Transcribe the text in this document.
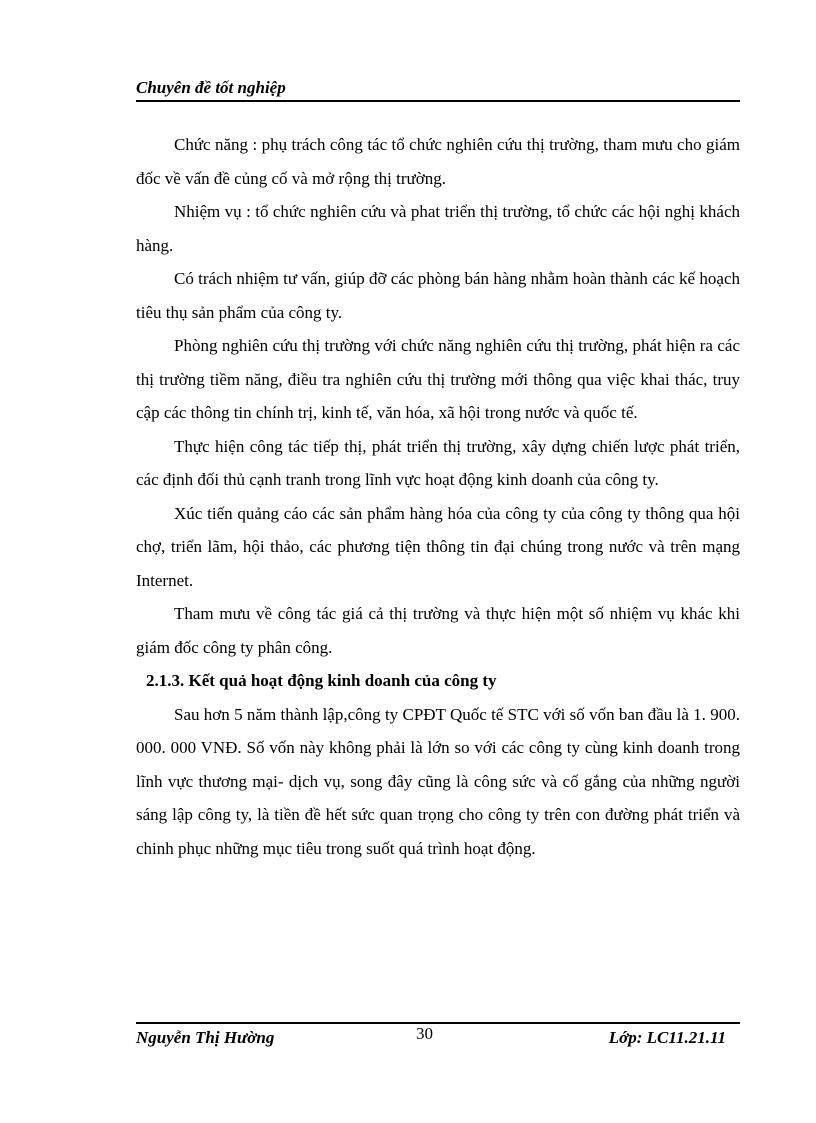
Chuyên đề tốt nghiệp

Chức năng : phụ trách công tác tổ chức nghiên cứu thị trường, tham mưu cho giám đốc về vấn đề củng cố và mở rộng thị trường.

Nhiệm vụ : tổ chức nghiên cứu và phat triển thị trường, tổ chức các hội nghị khách hàng.

Có trách nhiệm tư vấn, giúp đỡ các phòng bán hàng nhằm hoàn thành các kế hoạch tiêu thụ sản phẩm của công ty.

Phòng nghiên cứu thị trường với chức năng nghiên cứu thị trường, phát hiện ra các thị trường tiềm năng, điều tra nghiên cứu thị trường mới thông qua việc khai thác, truy cập các thông tin chính trị, kinh tế, văn hóa, xã hội trong nước và quốc tế.

Thực hiện công tác tiếp thị, phát triển thị trường, xây dựng chiến lược phát triển, các định đối thủ cạnh tranh trong lĩnh vực hoạt động kinh doanh của công ty.

Xúc tiến quảng cáo các sản phẩm hàng hóa của công ty của công ty thông qua hội chợ, triển lãm, hội thảo, các phương tiện thông tin đại chúng trong nước và trên mạng Internet.

Tham mưu về công tác giá cả thị trường và thực hiện một số nhiệm vụ khác khi giám đốc công ty phân công.

2.1.3. Kết quả hoạt động kinh doanh của công ty

Sau hơn 5 năm thành lập,công ty CPĐT Quốc tế STC với số vốn ban đầu là 1. 900. 000. 000 VNĐ. Số vốn này không phải là lớn so với các công ty cùng kinh doanh trong lĩnh vực thương mại- dịch vụ, song đây cũng là công sức và cố gắng của những người sáng lập công ty, là tiền đề hết sức quan trọng cho công ty trên con đường phát triển và chinh phục những mục tiêu trong suốt quá trình hoạt động.

Nguyễn Thị Hường	30	Lớp: LC11.21.11
